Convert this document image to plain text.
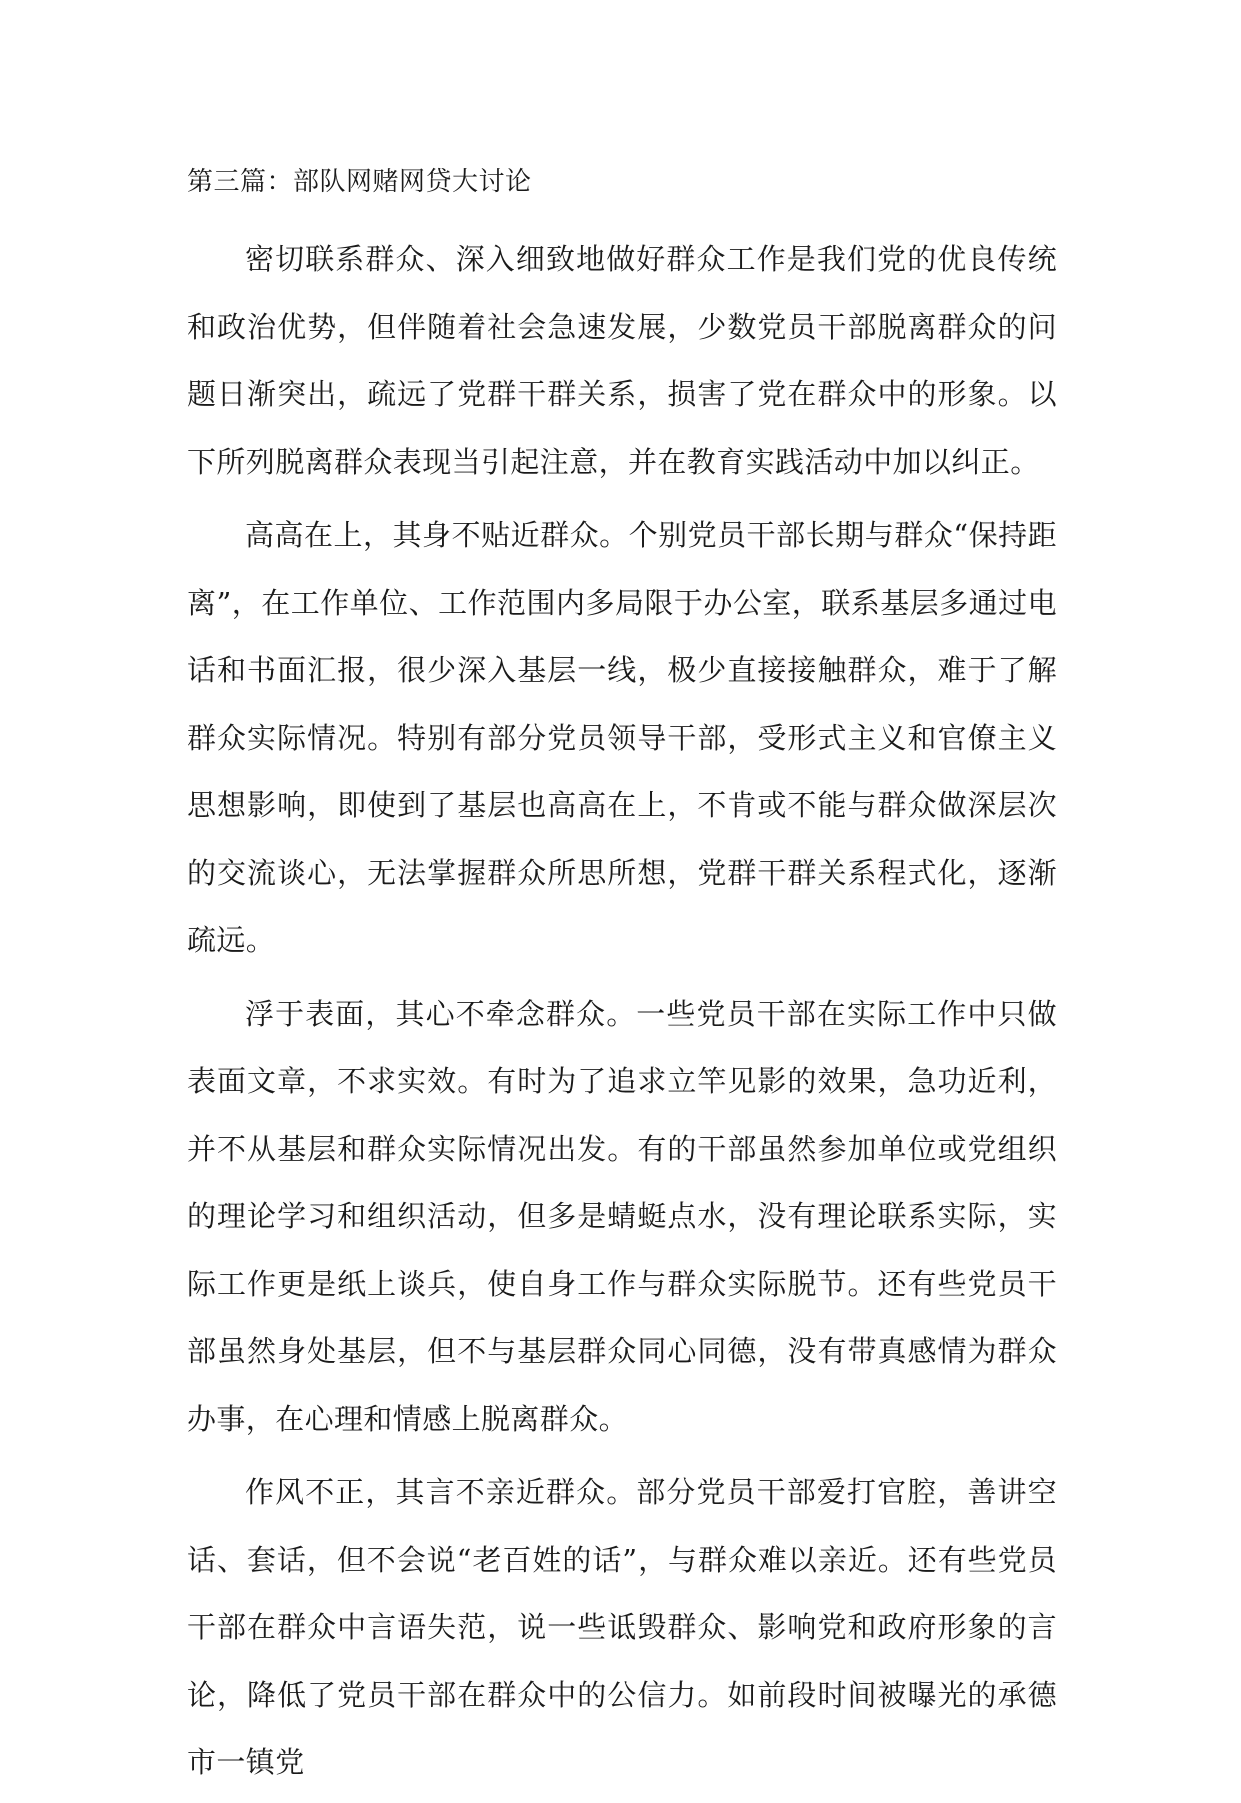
第三篇：部队网赌网贷大讨论

密切联系群众、深入细致地做好群众工作是我们党的优良传统和政治优势，但伴随着社会急速发展，少数党员干部脱离群众的问题日渐突出，疏远了党群干群关系，损害了党在群众中的形象。以下所列脱离群众表现当引起注意，并在教育实践活动中加以纠正。

高高在上，其身不贴近群众。个别党员干部长期与群众“保持距离”，在工作单位、工作范围内多局限于办公室，联系基层多通过电话和书面汇报，很少深入基层一线，极少直接接触群众，难于了解群众实际情况。特别有部分党员领导干部，受形式主义和官僚主义思想影响，即使到了基层也高高在上，不肯或不能与群众做深层次的交流谈心，无法掌握群众所思所想，党群干群关系程式化，逐渐疏远。

浮于表面，其心不牵念群众。一些党员干部在实际工作中只做表面文章，不求实效。有时为了追求立竿见影的效果，急功近利，并不从基层和群众实际情况出发。有的干部虽然参加单位或党组织的理论学习和组织活动，但多是蜻蜓点水，没有理论联系实际，实际工作更是纸上谈兵，使自身工作与群众实际脱节。还有些党员干部虽然身处基层，但不与基层群众同心同德，没有带真感情为群众办事，在心理和情感上脱离群众。

作风不正，其言不亲近群众。部分党员干部爱打官腔，善讲空话、套话，但不会说“老百姓的话”，与群众难以亲近。还有些党员干部在群众中言语失范，说一些诋毁群众、影响党和政府形象的言论，降低了党员干部在群众中的公信力。如前段时间被曝光的承德市一镇党
